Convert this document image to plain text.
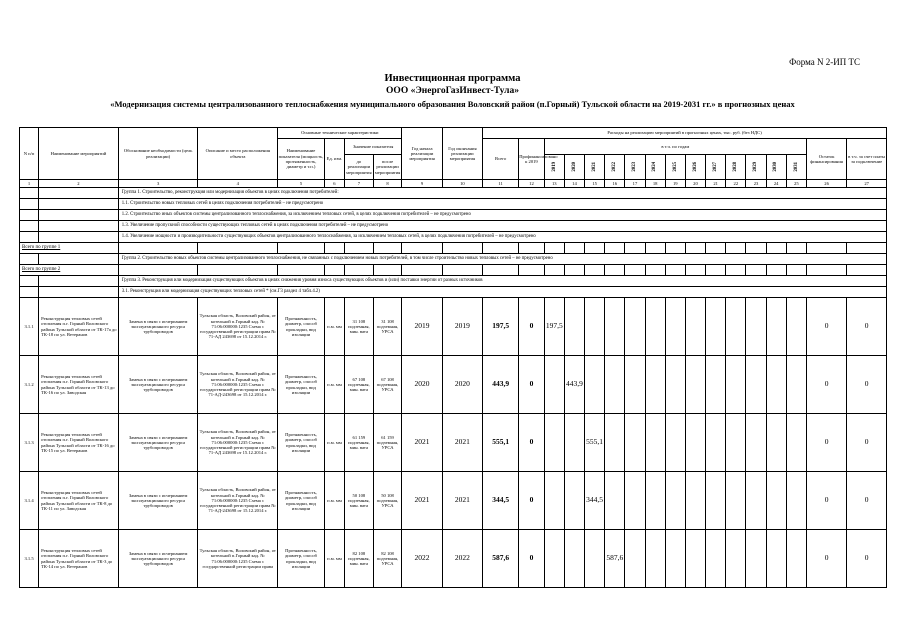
Форма N 2-ИП ТС
Инвестиционная программа
ООО «ЭнергоГазИнвест-Тула»
«Модернизация системы централизованного теплоснабжения муниципального образования Воловский район (п.Горный) Тульской области на 2019-2031 гг.» в прогнозных ценах
N п/п	Наименование мероприятий	Обоснование необходимости (цель реализации)	Описание и место расположения объекта	Основные технические характеристики				Год начала реализации мероприятия	Год окончания реализации мероприятия	Расходы на реализацию мероприятий в прогнозных ценах, тыс. руб. (без НДС)																
				Наименование показателя (мощность, протяженность, диаметр и т.п.)	Ед. изм.	Значение показателя				Всего	Профинансировано к 2019	в т.ч. по годам													Остаток финансирования	в т.ч. за счет платы за подключение
						до реализации мероприятия	после реализации мероприятия					2019	2020	2021	2022	2023	2024	2025	2026	2027	2028	2029	2030	2031		
1	2	3	4	5	6	7	8	9	10	11	12	13	14	15	16	17	18	19	20	21	22	23	24	25	26	27
		Группа 1. Строительство, реконструкция или модернизация объектов в целях подключения потребителей:																								
		1.1. Строительство новых тепловых сетей в целях подключения потребителей – не предусмотрено																								
		1.2. Строительство иных объектов системы централизованного теплоснабжения, за исключением тепловых сетей, в целях подключения потребителей – не предусмотрено																								
		1.3. Увеличение пропускной способности существующих тепловых сетей в целях подключения потребителей – не предусмотрено																								
		1.4. Увеличение мощности и производительности существующих объектов централизованного теплоснабжения, за исключением тепловых сетей, в целях подключения потребителей – не предусмотрено																								
Всего по группе 1																										
		Группа 2. Строительство новых объектов системы централизованного теплоснабжения, не связанных с подключением новых потребителей, в том числе строительство новых тепловых сетей – не предусмотрено																								
Всего по группе 2																										
		Группа 3. Реконструкция или модернизация существующих объектов в целях снижения уровня износа существующих объектов и (или) поставки энергии от разных источников																								
		3.1. Реконструкция или модернизация существующих тепловых сетей * (см.Г3 раздел 4 табл.4.2)																								
3.1.1	Реконструкция тепловых сетей отопления п.г. Горный Воловского района Тульской области от ТК-17а до ТК-18 по ул. Ветеранов	Замена в связи с исчерпанием эксплуатационного ресурса трубопроводов	Тульская область, Воловский район, от котельной п.Горный кад. № 71:06:000000:1235 Схема с государственной регистрации права № 71-АД 243698 от 15.12.2014 г.	Протяженность, диаметр, способ прокладки, вид изоляции	п.м. мм	31 108 подземная, мин. вата	31 108 подземная, УРСА	2019	2019	197,5	0	197,5													0	0
3.1.2	Реконструкция тепловых сетей отопления п.г. Горный Воловского района Тульской области от ТК-13 до ТК-16 по ул. Заводская	Замена в связи с исчерпанием эксплуатационного ресурса трубопроводов	Тульская область, Воловский район, от котельной п.Горный кад. № 71:06:000000:1235 Схема с государственной регистрации права № 71-АД-243698 от 15.12.2014 г.	Протяженность, диаметр, способ прокладки, вид изоляции	п.м. мм	67 108 подземная, мин. вата	67 108 подземная, УРСА	2020	2020	443,9	0		443,9												0	0
3.1.3	Реконструкция тепловых сетей отопления п.г. Горный Воловского района Тульской области от ТК-16 до ТК-15 по ул. Ветеранов	Замена в связи с исчерпанием эксплуатационного ресурса трубопроводов	Тульская область, Воловский район, от котельной п.Горный кад. № 71:06:000000:1235 Схема с государственной регистрации права № 71-АД 243698 от 15.12.2014 г.	Протяженность, диаметр, способ прокладки, вид изоляции	п.м. мм	61 159 подземная, мин. вата	61 159 подземная, УРСА	2021	2021	555,1	0			555,1											0	0
3.1.4	Реконструкция тепловых сетей отопления п.г. Горный Воловского района Тульской области от ТК-8 до ТК-11 по ул. Заводская	Замена в связи с исчерпанием эксплуатационного ресурса трубопроводов	Тульская область, Воловский район, от котельной п.Горный кад. № 71:06:000000:1235 Схема с государственной регистрации права № 71-АД-243698 от 15.12.2014 г.	Протяженность, диаметр, способ прокладки, вид изоляции	п.м. мм	50 108 подземная, мин. вата	50 108 подземная, УРСА	2021	2021	344,5	0			344,5											0	0
3.1.5	Реконструкция тепловых сетей отопления п.г. Горный Воловского района Тульской области от ТК-3 до ТК-14 по ул. Ветеранов	Замена в связи с исчерпанием эксплуатационного ресурса трубопроводов	Тульская область, Воловский район, от котельной п.Горный кад. № 71:06:000000:1235 Схема с государственной регистрации права	Протяженность, диаметр, способ прокладки, вид изоляции	п.м. мм	82 108 подземная, мин. вата	82 108 подземная, УРСА	2022	2022	587,6	0				587,6										0	0
